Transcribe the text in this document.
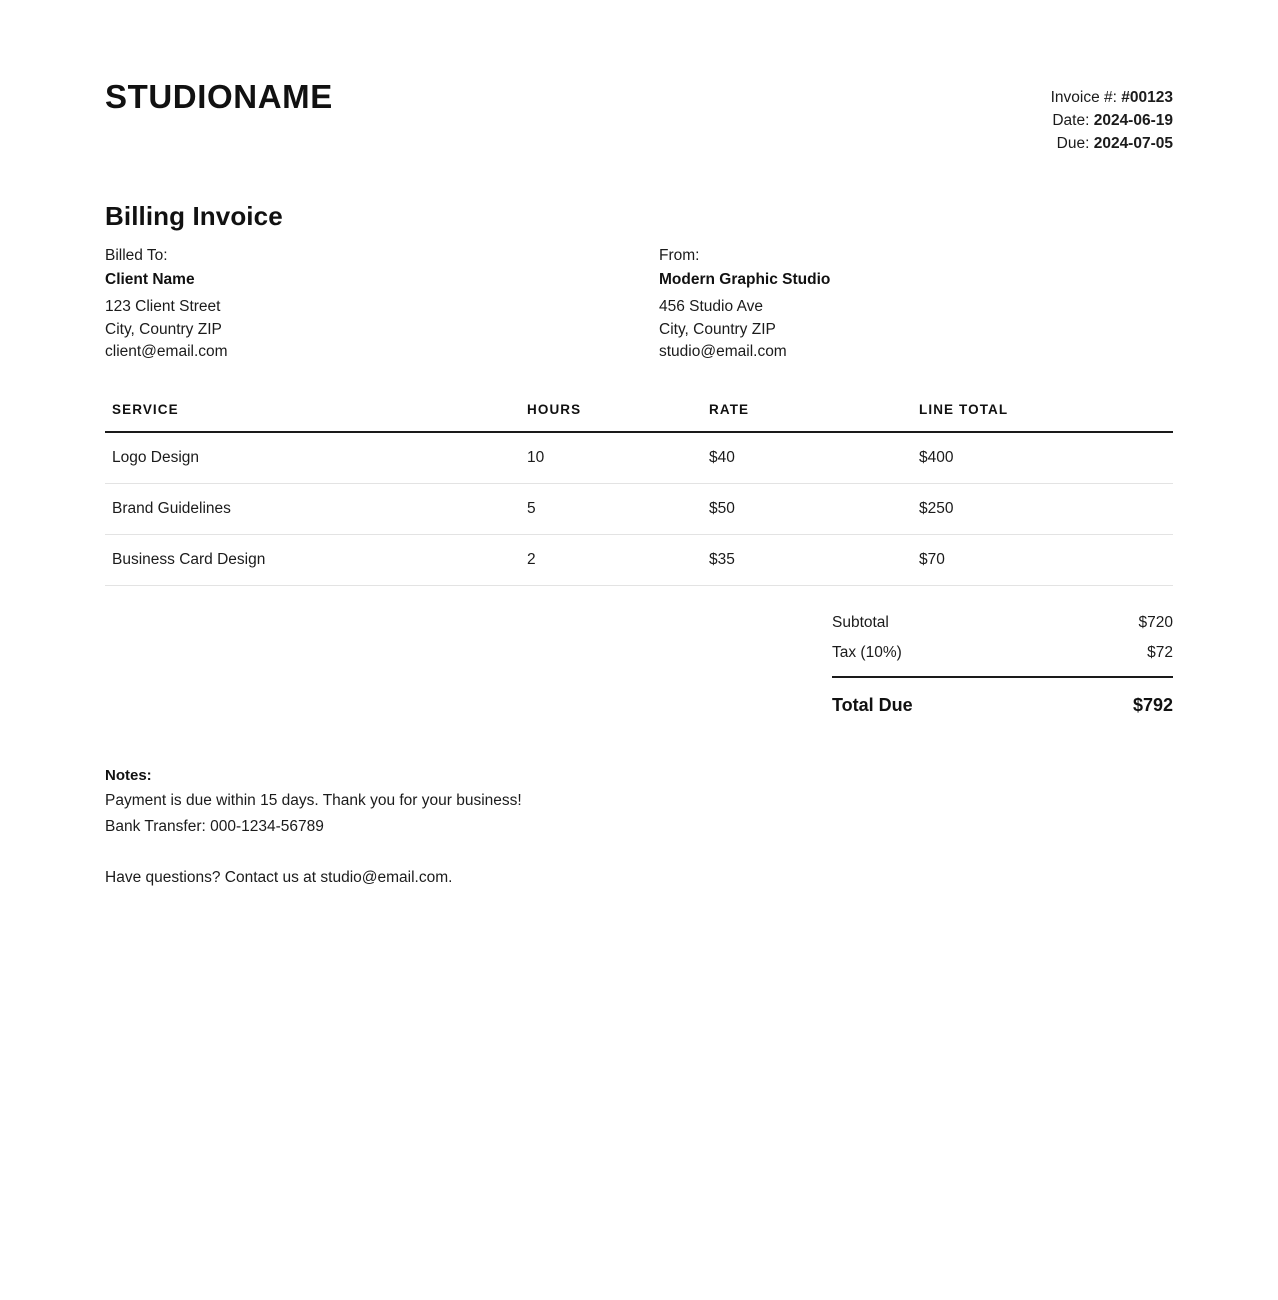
STUDIONAME	Invoice #: #00123
Date: 2024-06-19
Due: 2024-07-05
Billing Invoice
Billed To:
Client Name
123 Client Street
City, Country ZIP
client@email.com
From:
Modern Graphic Studio
456 Studio Ave
City, Country ZIP
studio@email.com
SERVICE	HOURS	RATE	LINE TOTAL
Logo Design	10	$40	$400
Brand Guidelines	5	$50	$250
Business Card Design	2	$35	$70
Subtotal	$720
Tax (10%)	$72
Total Due	$792
Notes:
Payment is due within 15 days. Thank you for your business!
Bank Transfer: 000-1234-56789
Have questions? Contact us at studio@email.com.
